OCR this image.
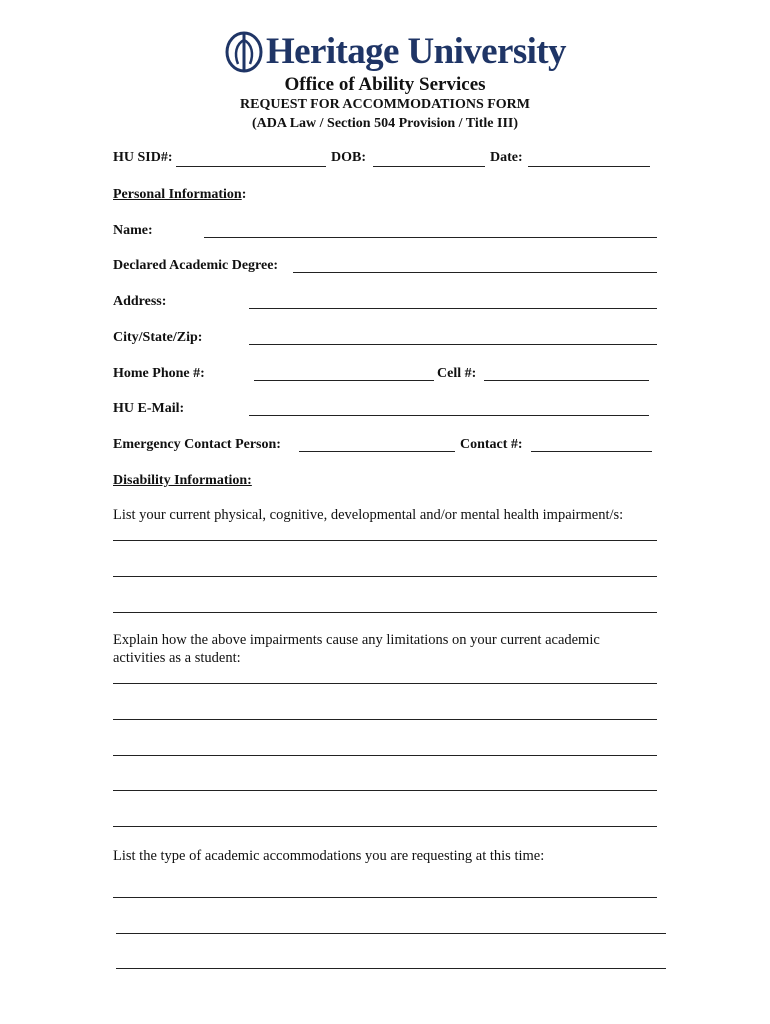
Heritage University
Office of Ability Services
REQUEST FOR ACCOMMODATIONS FORM
(ADA Law / Section 504 Provision / Title III)
HU SID#:	DOB:	Date:
Personal Information:
Name:
Declared Academic Degree:
Address:
City/State/Zip:
Home Phone #:	Cell #:
HU E-Mail:
Emergency Contact Person:	Contact #:
Disability Information:
List your current physical, cognitive, developmental and/or mental health impairment/s:
Explain how the above impairments cause any limitations on your current academic
activities as a student:
List the type of academic accommodations you are requesting at this time:
